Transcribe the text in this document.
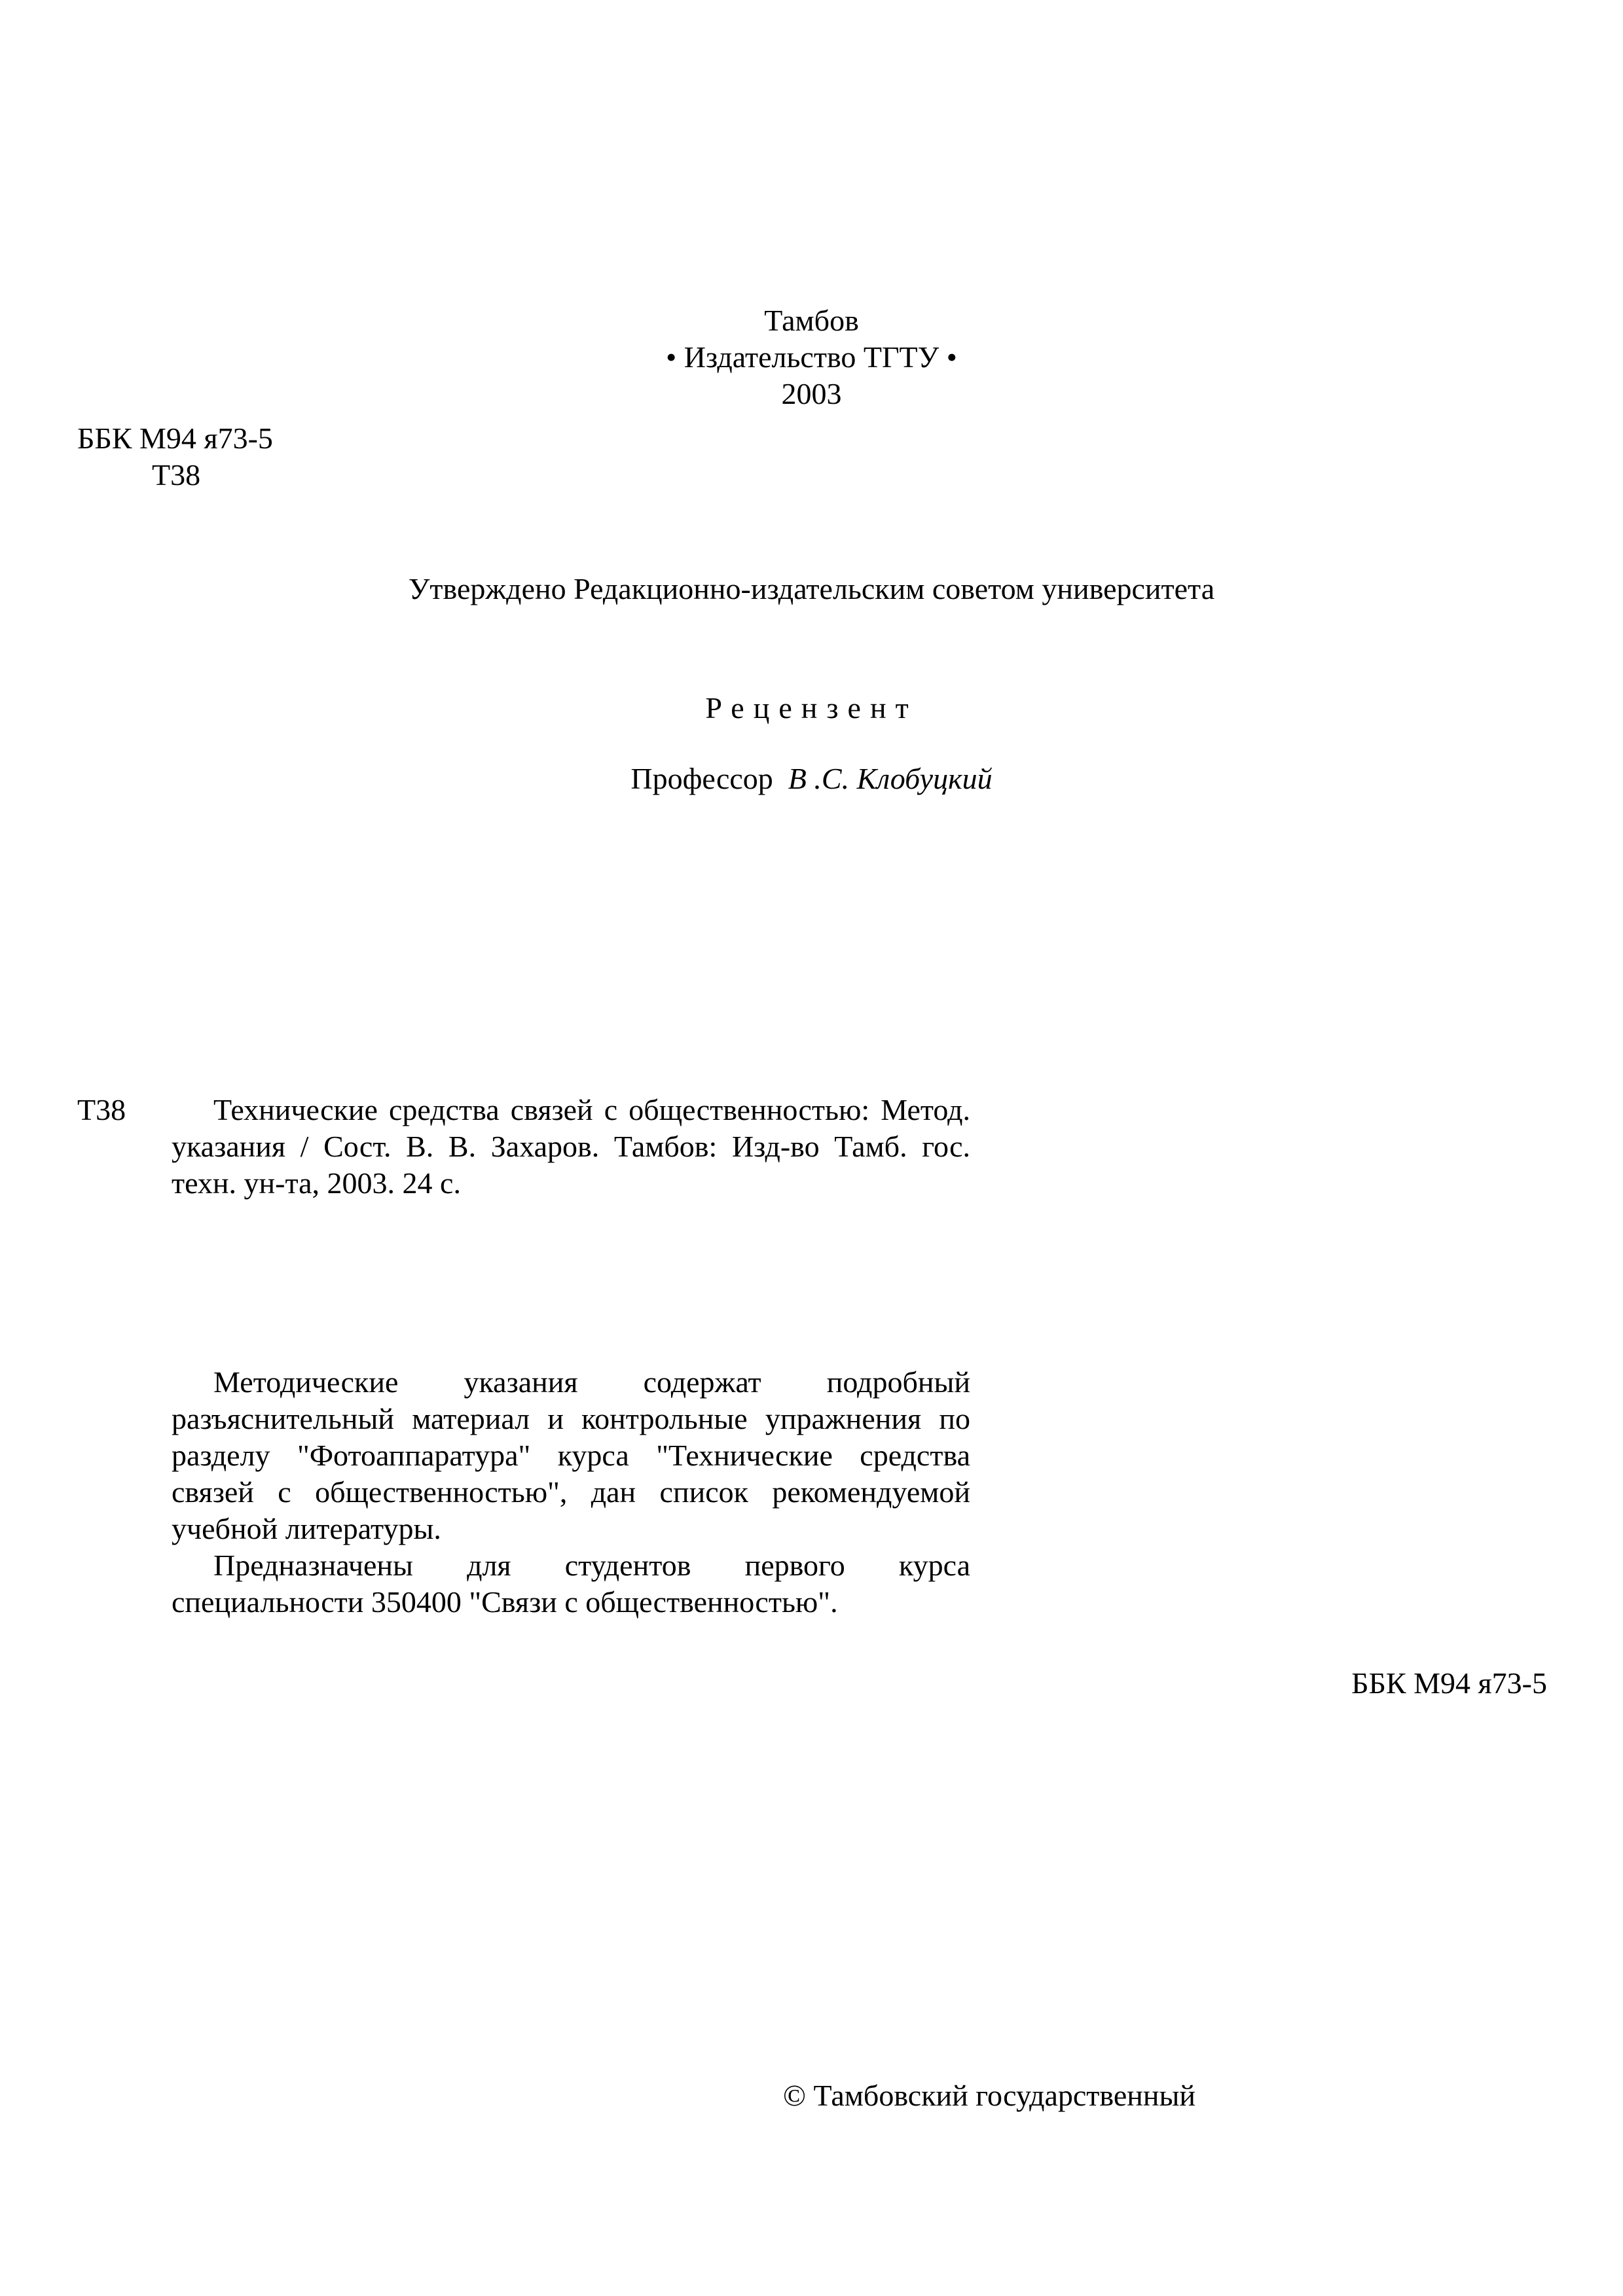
Тамбов
• Издательство ТГТУ •
2003
ББК М94 я73-5
Т38
Утверждено Редакционно-издательским советом университета
Рецензент
Профессор В .С. Клобуцкий
Т38	Технические средства связей с общественностью: Метод. указания / Сост. В. В. Захаров. Тамбов: Изд-во Тамб. гос. техн. ун-та, 2003. 24 с.
Методические указания содержат подробный разъяснительный материал и контрольные упражнения по разделу "Фотоаппаратура" курса "Технические средства связей с общественностью", дан список рекомендуемой учебной литературы.
Предназначены для студентов первого курса специальности 350400 "Связи с общественностью".
ББК М94 я73-5
© Тамбовский государственный
